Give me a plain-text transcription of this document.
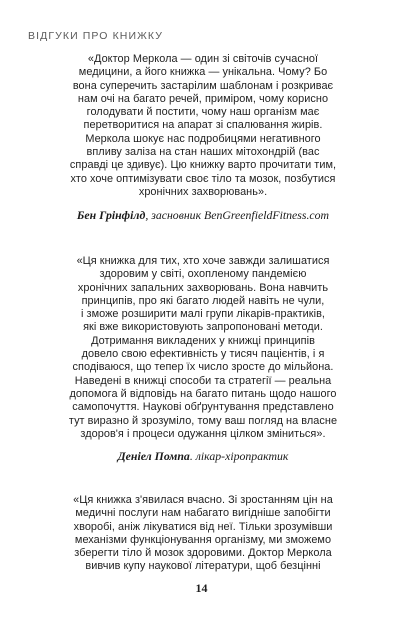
ВІДГУКИ ПРО КНИЖКУ
«Доктор Меркола — один зі світочів сучасної
медицини, а його книжка — унікальна. Чому? Бо
вона суперечить застарілим шаблонам і розкриває
нам очі на багато речей, приміром, чому корисно
голодувати й постити, чому наш організм має
перетворитися на апарат зі спалювання жирів.
Меркола шокує нас подробицями негативного
впливу заліза на стан наших мітохондрій (вас
справді це здивує). Цю книжку варто прочитати тим,
хто хоче оптимізувати своє тіло та мозок, позбутися
хронічних захворювань».
Бен Грінфілд, засновник BenGreenfieldFitness.com
«Ця книжка для тих, хто хоче завжди залишатися
здоровим у світі, охопленому пандемією
хронічних запальних захворювань. Вона навчить
принципів, про які багато людей навіть не чули,
і зможе розширити малі групи лікарів-практиків,
які вже використовують запропоновані методи.
Дотримання викладених у книжці принципів
довело свою ефективність у тисяч пацієнтів, і я
сподіваюся, що тепер їх число зросте до мільйона.
Наведені в книжці способи та стратегії — реальна
допомога й відповідь на багато питань щодо нашого
самопочуття. Наукові обґрунтування представлено
тут виразно й зрозуміло, тому ваш погляд на власне
здоров'я і процеси одужання цілком зміниться».
Деніел Помпа. лікар-хіропрактик
«Ця книжка з'явилася вчасно. Зі зростанням цін на
медичні послуги нам набагато вигідніше запобігти
хворобі, аніж лікуватися від неї. Тільки зрозумівши
механізми функціонування організму, ми зможемо
зберегти тіло й мозок здоровими. Доктор Меркола
вивчив купу наукової літератури, щоб безцінні
14
